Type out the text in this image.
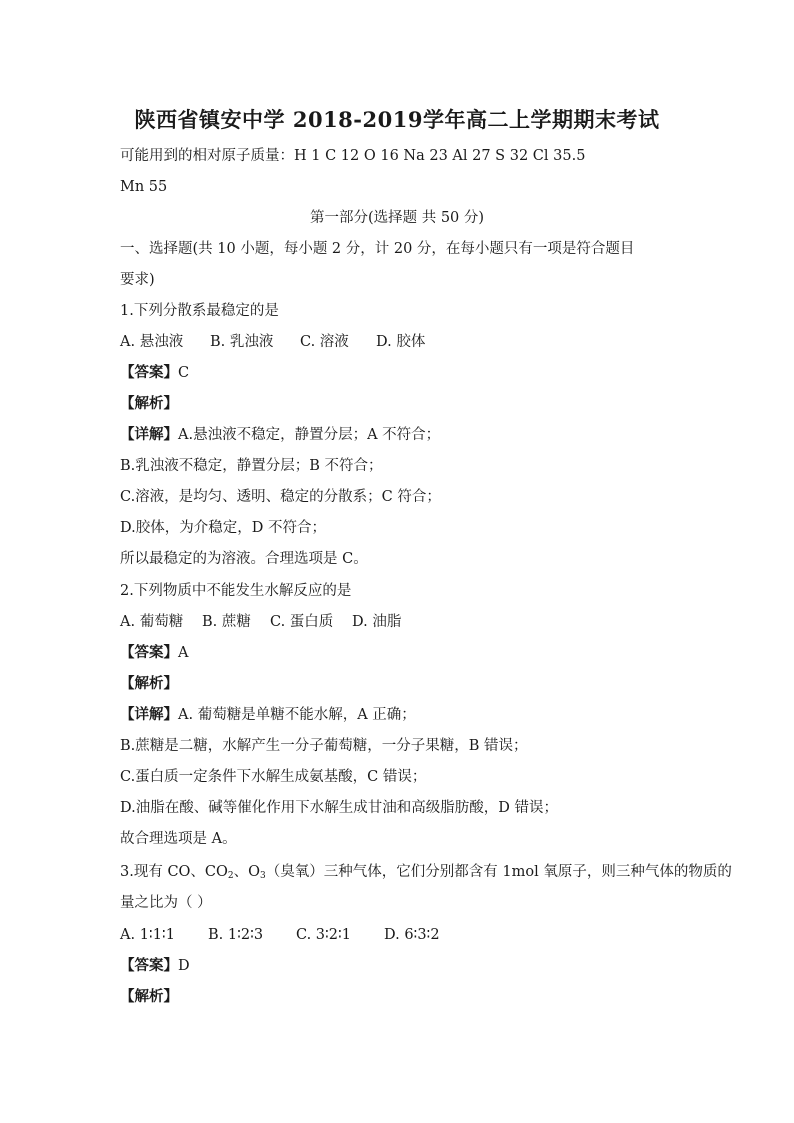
陕西省镇安中学 2018-2019学年高二上学期期末考试
可能用到的相对原子质量：H 1 C 12 O 16 Na 23 Al 27 S 32 Cl 35.5
Mn 55
第一部分(选择题 共 50 分)
一、选择题(共 10 小题，每小题 2 分，计 20 分，在每小题只有一项是符合题目
要求)
1.下列分散系最稳定的是
A. 悬浊液 B. 乳浊液 C. 溶液 D. 胶体
【答案】C
【解析】
【详解】A.悬浊液不稳定，静置分层；A 不符合；
B.乳浊液不稳定，静置分层；B 不符合；
C.溶液，是均匀、透明、稳定的分散系；C 符合；
D.胶体，为介稳定，D 不符合；
所以最稳定的为溶液。合理选项是 C。
2.下列物质中不能发生水解反应的是
A. 葡萄糖 B. 蔗糖 C. 蛋白质 D. 油脂
【答案】A
【解析】
【详解】A. 葡萄糖是单糖不能水解，A 正确；
B.蔗糖是二糖，水解产生一分子葡萄糖，一分子果糖，B 错误；
C.蛋白质一定条件下水解生成氨基酸，C 错误；
D.油脂在酸、碱等催化作用下水解生成甘油和高级脂肪酸，D 错误；
故合理选项是 A。
3.现有 CO、$CO_2$、$O_3$（臭氧）三种气体，它们分别都含有 1mol 氧原子，则三种气体的物质的
量之比为（ ）
A. 1∶1∶1 B. 1∶2∶3 C. 3∶2∶1 D. 6∶3∶2
【答案】D
【解析】
